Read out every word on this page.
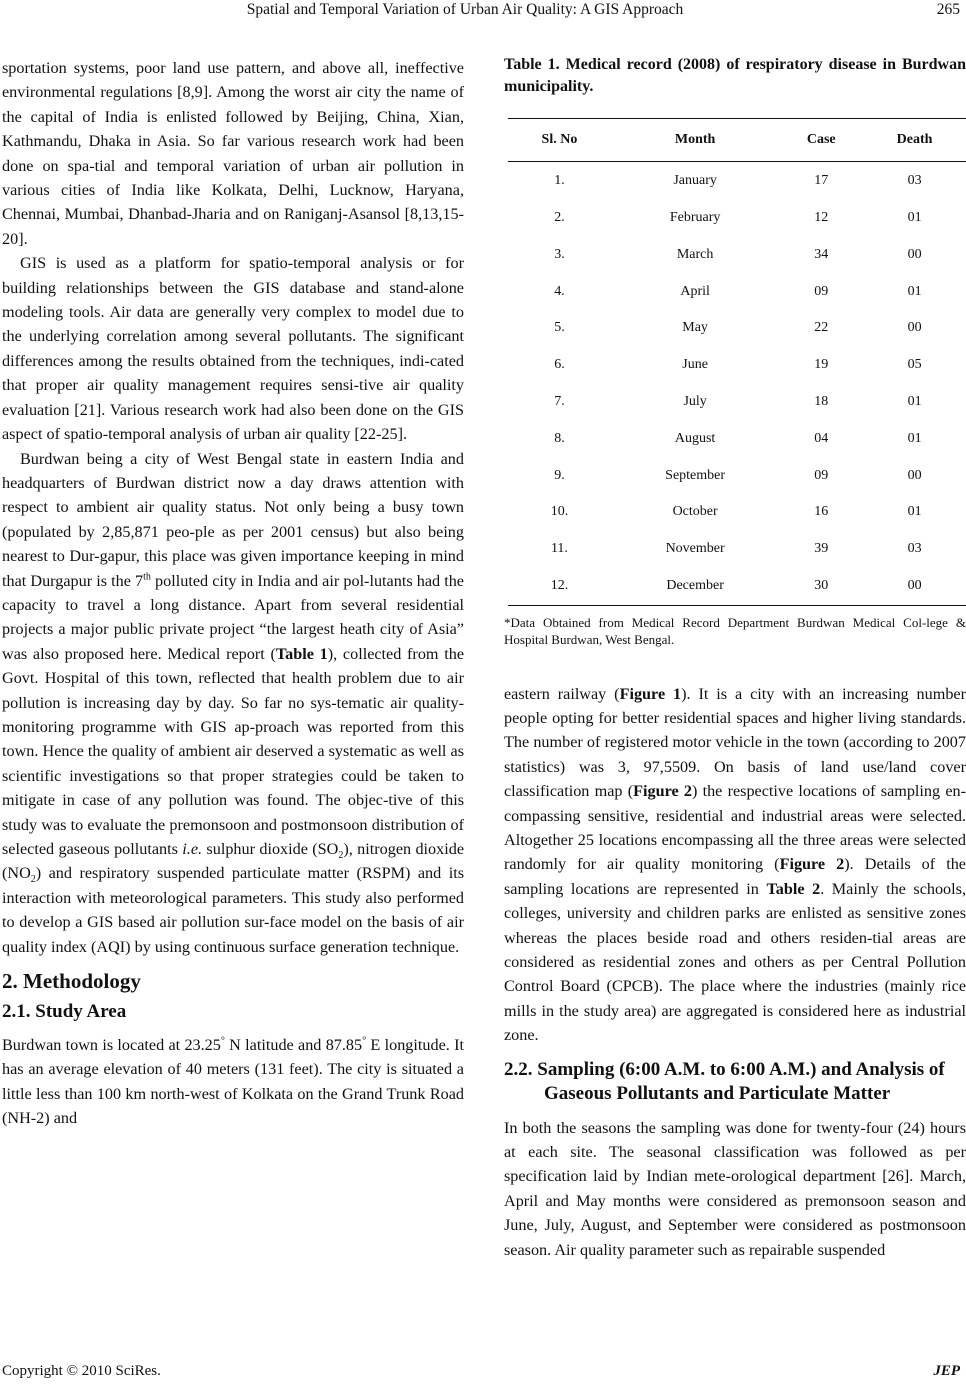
Spatial and Temporal Variation of Urban Air Quality: A GIS Approach	265

sportation systems, poor land use pattern, and above all, ineffective environmental regulations [8,9]. Among the worst air city the name of the capital of India is enlisted followed by Beijing, China, Xian, Kathmandu, Dhaka in Asia. So far various research work had been done on spa-tial and temporal variation of urban air pollution in various cities of India like Kolkata, Delhi, Lucknow, Haryana, Chennai, Mumbai, Dhanbad-Jharia and on Raniganj-Asansol [8,13,15-20].

GIS is used as a platform for spatio-temporal analysis or for building relationships between the GIS database and stand-alone modeling tools. Air data are generally very complex to model due to the underlying correlation among several pollutants. The significant differences among the results obtained from the techniques, indi-cated that proper air quality management requires sensi-tive air quality evaluation [21]. Various research work had also been done on the GIS aspect of spatio-temporal analysis of urban air quality [22-25].

Burdwan being a city of West Bengal state in eastern India and headquarters of Burdwan district now a day draws attention with respect to ambient air quality status. Not only being a busy town (populated by 2,85,871 peo-ple as per 2001 census) but also being nearest to Dur-gapur, this place was given importance keeping in mind that Durgapur is the 7th polluted city in India and air pol-lutants had the capacity to travel a long distance. Apart from several residential projects a major public private project “the largest heath city of Asia” was also proposed here. Medical report (Table 1), collected from the Govt. Hospital of this town, reflected that health problem due to air pollution is increasing day by day. So far no sys-tematic air quality-monitoring programme with GIS ap-proach was reported from this town. Hence the quality of ambient air deserved a systematic as well as scientific investigations so that proper strategies could be taken to mitigate in case of any pollution was found. The objec-tive of this study was to evaluate the premonsoon and postmonsoon distribution of selected gaseous pollutants i.e. sulphur dioxide $(SO_2)$, nitrogen dioxide $(NO_2)$ and respiratory suspended particulate matter (RSPM) and its interaction with meteorological parameters. This study also performed to develop a GIS based air pollution sur-face model on the basis of air quality index (AQI) by using continuous surface generation technique.

2. Methodology
2.1. Study Area

Burdwan town is located at 23.25° N latitude and 87.85° E longitude. It has an average elevation of 40 meters (131 feet). The city is situated a little less than 100 km north-west of Kolkata on the Grand Trunk Road (NH-2) and

Table 1. Medical record (2008) of respiratory disease in Burdwan municipality.
Sl. No	Month	Case	Death
1.	January	17	03
2.	February	12	01
3.	March	34	00
4.	April	09	01
5.	May	22	00
6.	June	19	05
7.	July	18	01
8.	August	04	01
9.	September	09	00
10.	October	16	01
11.	November	39	03
12.	December	30	00
*Data Obtained from Medical Record Department Burdwan Medical Col-lege & Hospital Burdwan, West Bengal.

eastern railway (Figure 1). It is a city with an increasing number people opting for better residential spaces and higher living standards. The number of registered motor vehicle in the town (according to 2007 statistics) was 3, 97,5509. On basis of land use/land cover classification map (Figure 2) the respective locations of sampling en-compassing sensitive, residential and industrial areas were selected. Altogether 25 locations encompassing all the three areas were selected randomly for air quality monitoring (Figure 2). Details of the sampling locations are represented in Table 2. Mainly the schools, colleges, university and children parks are enlisted as sensitive zones whereas the places beside road and others residen-tial areas are considered as residential zones and others as per Central Pollution Control Board (CPCB). The place where the industries (mainly rice mills in the study area) are aggregated is considered here as industrial zone.

2.2. Sampling (6:00 A.M. to 6:00 A.M.) and Analysis of Gaseous Pollutants and Particulate Matter

In both the seasons the sampling was done for twenty-four (24) hours at each site. The seasonal classification was followed as per specification laid by Indian mete-orological department [26]. March, April and May months were considered as premonsoon season and June, July, August, and September were considered as postmonsoon season. Air quality parameter such as repairable suspended

Copyright © 2010 SciRes.	JEP
